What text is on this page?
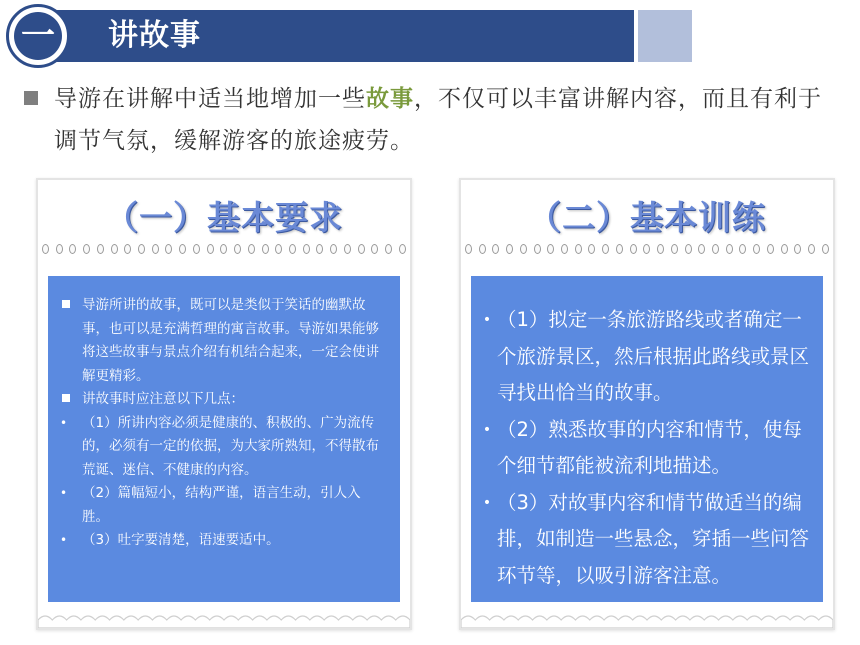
一 讲故事
导游在讲解中适当地增加一些故事，不仅可以丰富讲解内容，而且有利于调节气氛，缓解游客的旅途疲劳。
（一）基本要求
导游所讲的故事，既可以是类似于笑话的幽默故事，也可以是充满哲理的寓言故事。导游如果能够将这些故事与景点介绍有机结合起来，一定会使讲解更精彩。
讲故事时应注意以下几点：
•	（1）所讲内容必须是健康的、积极的、广为流传的，必须有一定的依据，为大家所熟知，不得散布荒诞、迷信、不健康的内容。
•	（2）篇幅短小，结构严谨，语言生动，引人入胜。
•	（3）吐字要清楚，语速要适中。
（二）基本训练
• （1）拟定一条旅游路线或者确定一个旅游景区，然后根据此路线或景区寻找出恰当的故事。
• （2）熟悉故事的内容和情节，使每个细节都能被流利地描述。
• （3）对故事内容和情节做适当的编排，如制造一些悬念，穿插一些问答环节等，以吸引游客注意。
